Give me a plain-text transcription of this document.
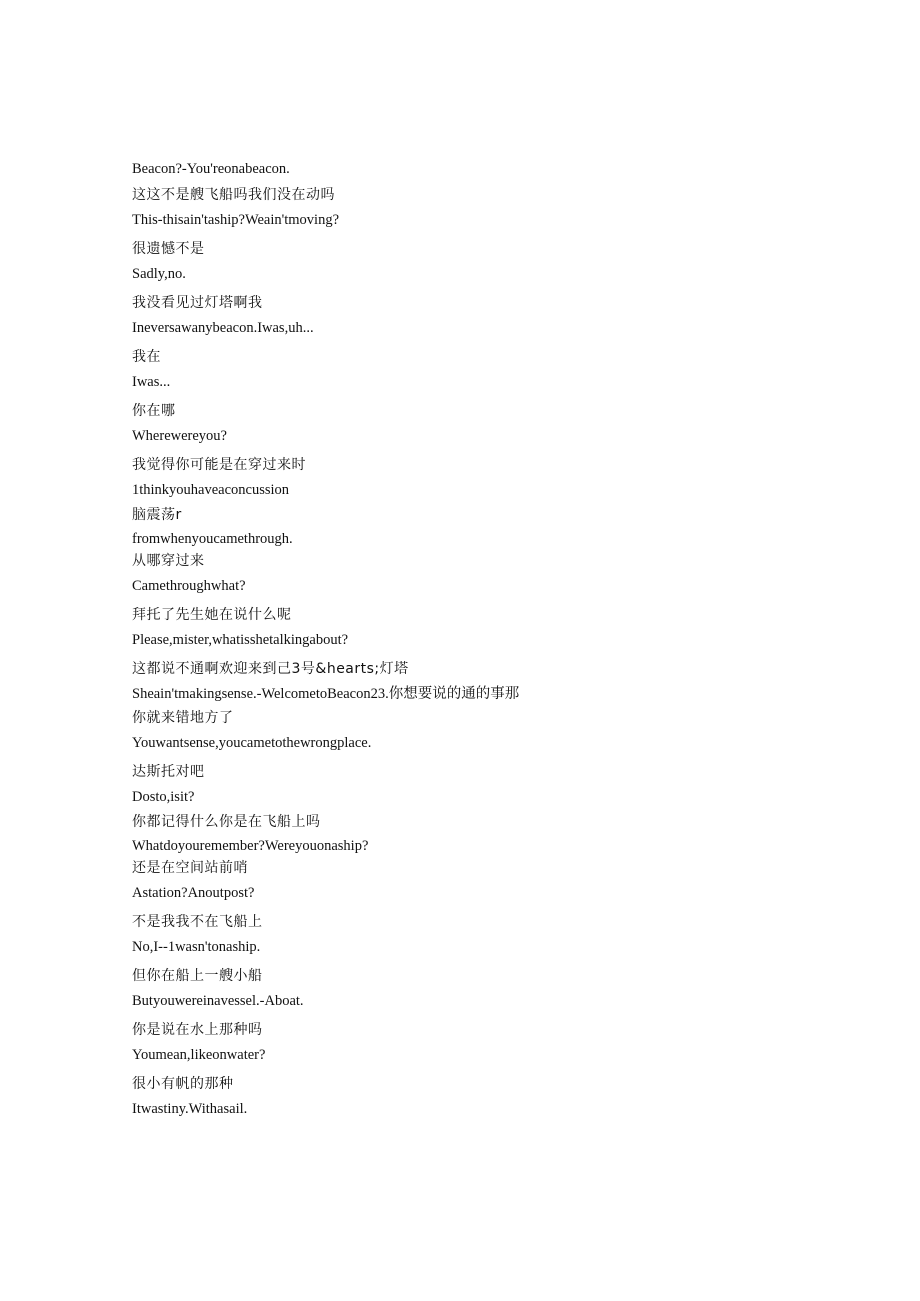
Beacon?-You'reonabeacon.
这这不是艘飞船吗我们没在动吗
This-thisain'taship?Weain'tmoving?
很遗憾不是
Sadly,no.
我没看见过灯塔啊我
Ineversawanybeacon.Iwas,uh...
我在
Iwas...
你在哪
Wherewereyou?
我觉得你可能是在穿过来时
1thinkyouhaveaconcussion
脑震荡r
fromwhenyoucamethrough.
从哪穿过来
Camethroughwhat?
拜托了先生她在说什么呢
Please,mister,whatisshetalkingabout?
这都说不通啊欢迎来到己3号&hearts;灯塔
Sheain'tmakingsense.-WelcometoBeacon23.你想要说的通的事那
你就来错地方了
Youwantsense,youcametothewrongplace.
达斯托对吧
Dosto,isit?
你都记得什么你是在飞船上吗
Whatdoyouremember?Wereyouonaship?
还是在空间站前哨
Astation?Anoutpost?
不是我我不在飞船上
No,I--1wasn'tonaship.
但你在船上一艘小船
Butyouwereinavessel.-Aboat.
你是说在水上那种吗
Youmean,likeonwater?
很小有帆的那种
Itwastiny.Withasail.
